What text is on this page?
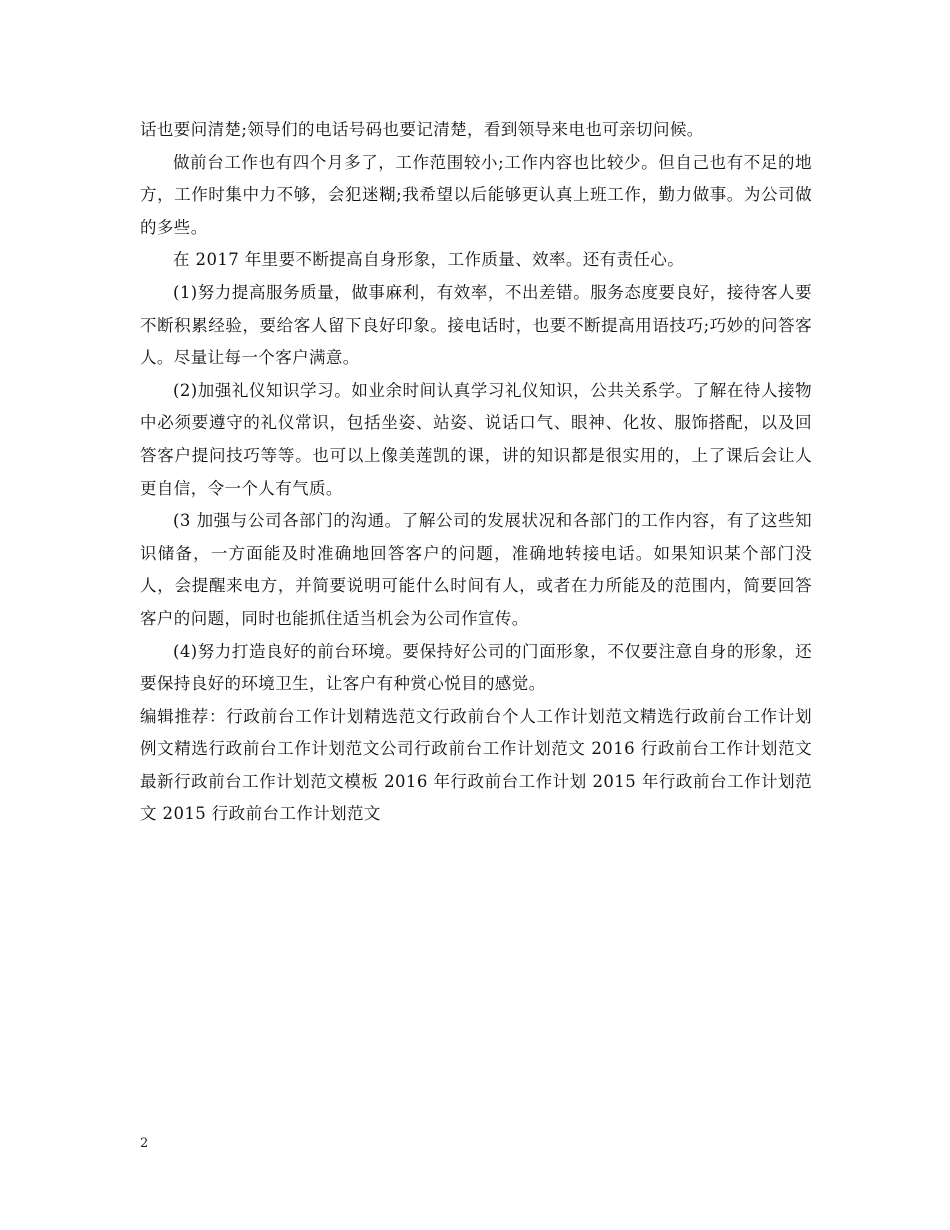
话也要问清楚;领导们的电话号码也要记清楚，看到领导来电也可亲切问候。

做前台工作也有四个月多了，工作范围较小;工作内容也比较少。但自己也有不足的地方，工作时集中力不够，会犯迷糊;我希望以后能够更认真上班工作，勤力做事。为公司做的多些。

在 2017 年里要不断提高自身形象，工作质量、效率。还有责任心。

(1)努力提高服务质量，做事麻利，有效率，不出差错。服务态度要良好，接待客人要不断积累经验，要给客人留下良好印象。接电话时，也要不断提高用语技巧;巧妙的问答客人。尽量让每一个客户满意。

(2)加强礼仪知识学习。如业余时间认真学习礼仪知识，公共关系学。了解在待人接物中必须要遵守的礼仪常识，包括坐姿、站姿、说话口气、眼神、化妆、服饰搭配，以及回答客户提问技巧等等。也可以上像美莲凯的课，讲的知识都是很实用的，上了课后会让人更自信，令一个人有气质。

(3 加强与公司各部门的沟通。了解公司的发展状况和各部门的工作内容，有了这些知识储备，一方面能及时准确地回答客户的问题，准确地转接电话。如果知识某个部门没人，会提醒来电方，并简要说明可能什么时间有人，或者在力所能及的范围内，简要回答客户的问题，同时也能抓住适当机会为公司作宣传。

(4)努力打造良好的前台环境。要保持好公司的门面形象，不仅要注意自身的形象，还要保持良好的环境卫生，让客户有种赏心悦目的感觉。

编辑推荐：行政前台工作计划精选范文行政前台个人工作计划范文精选行政前台工作计划例文精选行政前台工作计划范文公司行政前台工作计划范文 2016 行政前台工作计划范文最新行政前台工作计划范文模板 2016 年行政前台工作计划 2015 年行政前台工作计划范文 2015 行政前台工作计划范文

2
